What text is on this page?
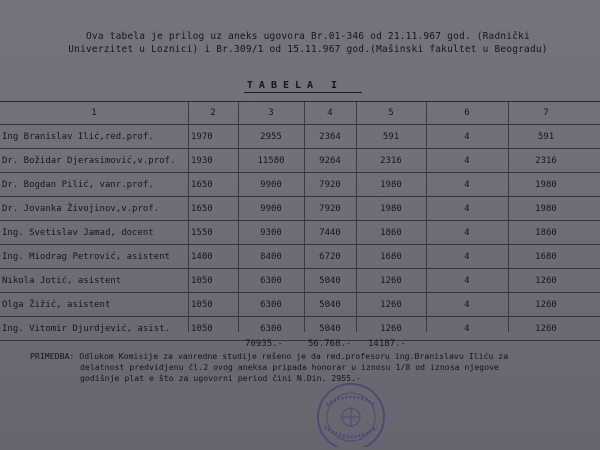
Ova tabela je prilog uz aneks ugovora Br.01-346 od 21.11.967 god. (Radnički
Univerzitet u Loznici) i Br.309/1 od 15.11.967 god.(Mašinski fakultet u Beogradu)
TABELA I
1	2	3	4	5	6	7
Ing Branislav Ilić,red.prof.	1970	2955	2364	591	4	591
Dr. Božidar Djerasimović,v.prof.	1930	11580	9264	2316	4	2316
Dr. Bogdan Pilić, vanr.prof.	1650	9900	7920	1980	4	1980
Dr. Jovanka Živojinov,v.prof.	1650	9900	7920	1980	4	1980
Ing. Svetislav Jamad, docent	1550	9300	7440	1860	4	1860
Ing. Miodrag Petrović, asistent	1400	8400	6720	1680	4	1680
Nikola Jotić, asistent	1050	6300	5040	1260	4	1260
Olga Žižić, asistent	1050	6300	5040	1260	4	1260
Ing. Vitomir Djurdjević, asist.	1050	6300	5040	1260	4	1260
70935.-	56.768.- 14187.-
PRIMEDBA: Odlukom Komisije za vanredne studije rešeno je da red.profesoru ing.Branislavu Iliću za
delatnost predvidjenu čl.2 ovog aneksa pripada honorar u iznosu 1/8 od iznosa njegove
godišnje plat e što za ugovorni period čini N.Din. 2955.-
